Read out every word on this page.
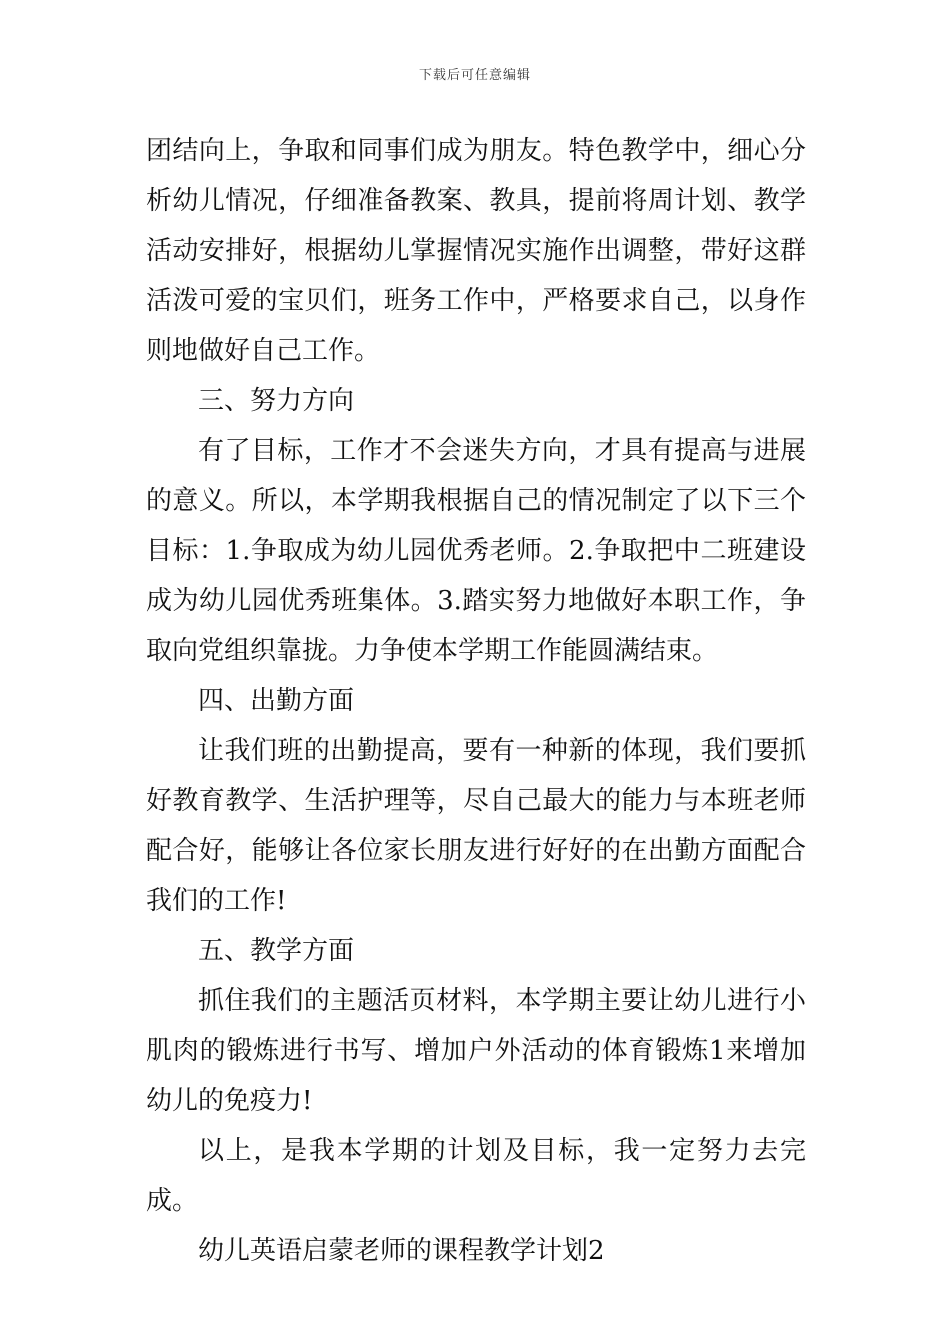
下载后可任意编辑

团结向上，争取和同事们成为朋友。特色教学中，细心分析幼儿情况，仔细准备教案、教具，提前将周计划、教学活动安排好，根据幼儿掌握情况实施作出调整，带好这群活泼可爱的宝贝们，班务工作中，严格要求自己，以身作则地做好自己工作。

三、努力方向

有了目标，工作才不会迷失方向，才具有提高与进展的意义。所以，本学期我根据自己的情况制定了以下三个目标：1.争取成为幼儿园优秀老师。2.争取把中二班建设成为幼儿园优秀班集体。3.踏实努力地做好本职工作，争取向党组织靠拢。力争使本学期工作能圆满结束。

四、出勤方面

让我们班的出勤提高，要有一种新的体现，我们要抓好教育教学、生活护理等，尽自己最大的能力与本班老师配合好，能够让各位家长朋友进行好好的在出勤方面配合我们的工作!

五、教学方面

抓住我们的主题活页材料，本学期主要让幼儿进行小肌肉的锻炼进行书写、增加户外活动的体育锻炼1来增加幼儿的免疫力!

以上，是我本学期的计划及目标，我一定努力去完成。

幼儿英语启蒙老师的课程教学计划2
